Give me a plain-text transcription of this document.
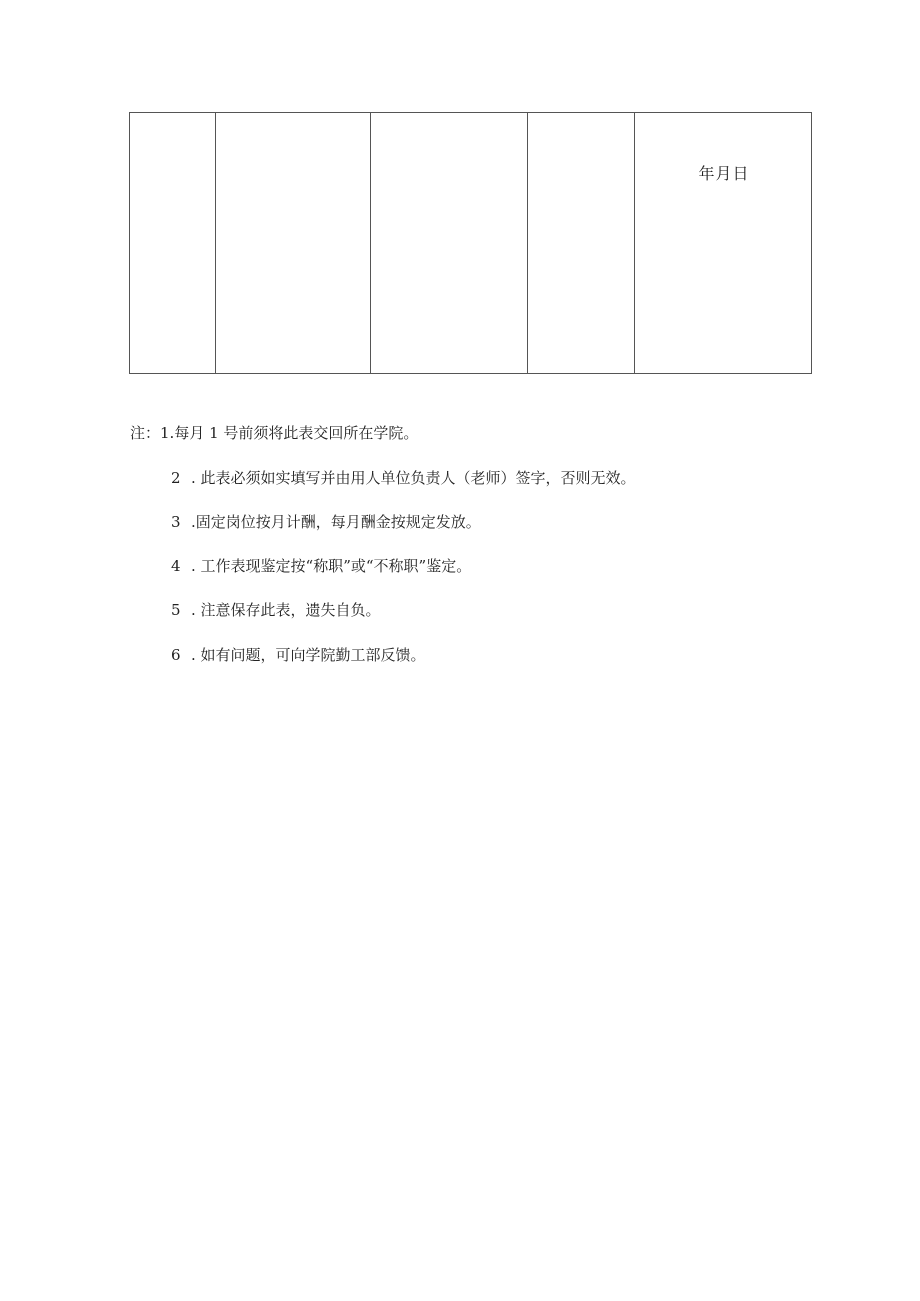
年月日
注：1.每月 1 号前须将此表交回所在学院。
2 . 此表必须如实填写并由用人单位负责人（老师）签字，否则无效。
3 .固定岗位按月计酬，每月酬金按规定发放。
4 . 工作表现鉴定按“称职”或“不称职”鉴定。
5 . 注意保存此表，遗失自负。
6 . 如有问题，可向学院勤工部反馈。
